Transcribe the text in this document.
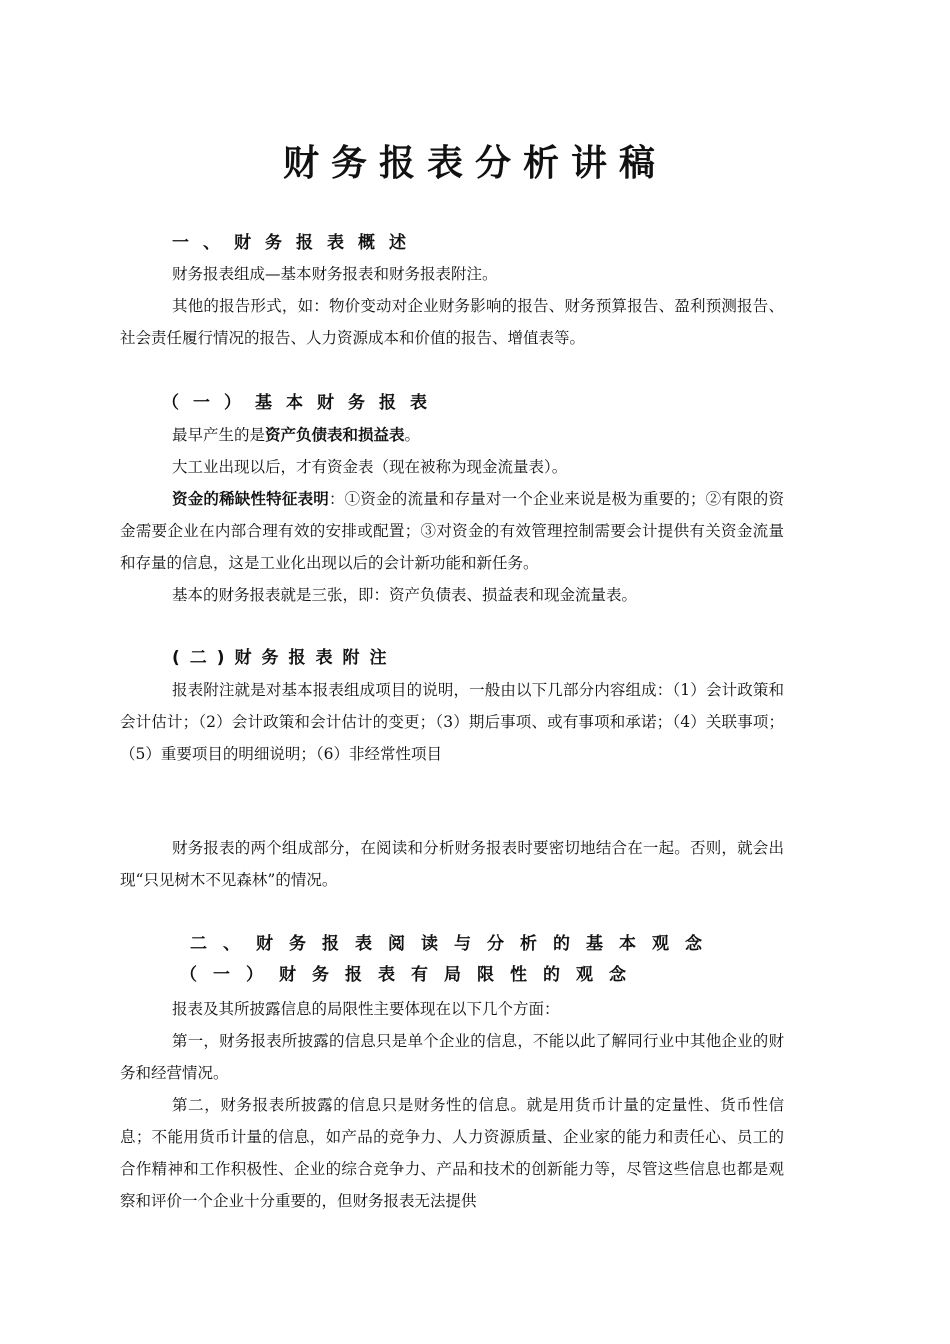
财务报表分析讲稿
一、财务报表概述
财务报表组成—基本财务报表和财务报表附注。
其他的报告形式，如：物价变动对企业财务影响的报告、财务预算报告、盈利预测报告、社会责任履行情况的报告、人力资源成本和价值的报告、增值表等。
（一）基本财务报表
最早产生的是资产负债表和损益表。
大工业出现以后，才有资金表（现在被称为现金流量表）。
资金的稀缺性特征表明：①资金的流量和存量对一个企业来说是极为重要的；②有限的资金需要企业在内部合理有效的安排或配置；③对资金的有效管理控制需要会计提供有关资金流量和存量的信息，这是工业化出现以后的会计新功能和新任务。
基本的财务报表就是三张，即：资产负债表、损益表和现金流量表。
(二)财务报表附注
报表附注就是对基本报表组成项目的说明，一般由以下几部分内容组成：（1）会计政策和会计估计；（2）会计政策和会计估计的变更；（3）期后事项、或有事项和承诺；（4）关联事项；（5）重要项目的明细说明；（6）非经常性项目
财务报表的两个组成部分，在阅读和分析财务报表时要密切地结合在一起。否则，就会出现“只见树木不见森林”的情况。
二、财务报表阅读与分析的基本观念
（一）财务报表有局限性的观念
报表及其所披露信息的局限性主要体现在以下几个方面：
第一，财务报表所披露的信息只是单个企业的信息，不能以此了解同行业中其他企业的财务和经营情况。
第二，财务报表所披露的信息只是财务性的信息。就是用货币计量的定量性、货币性信息；不能用货币计量的信息，如产品的竞争力、人力资源质量、企业家的能力和责任心、员工的合作精神和工作积极性、企业的综合竞争力、产品和技术的创新能力等，尽管这些信息也都是观察和评价一个企业十分重要的，但财务报表无法提供
